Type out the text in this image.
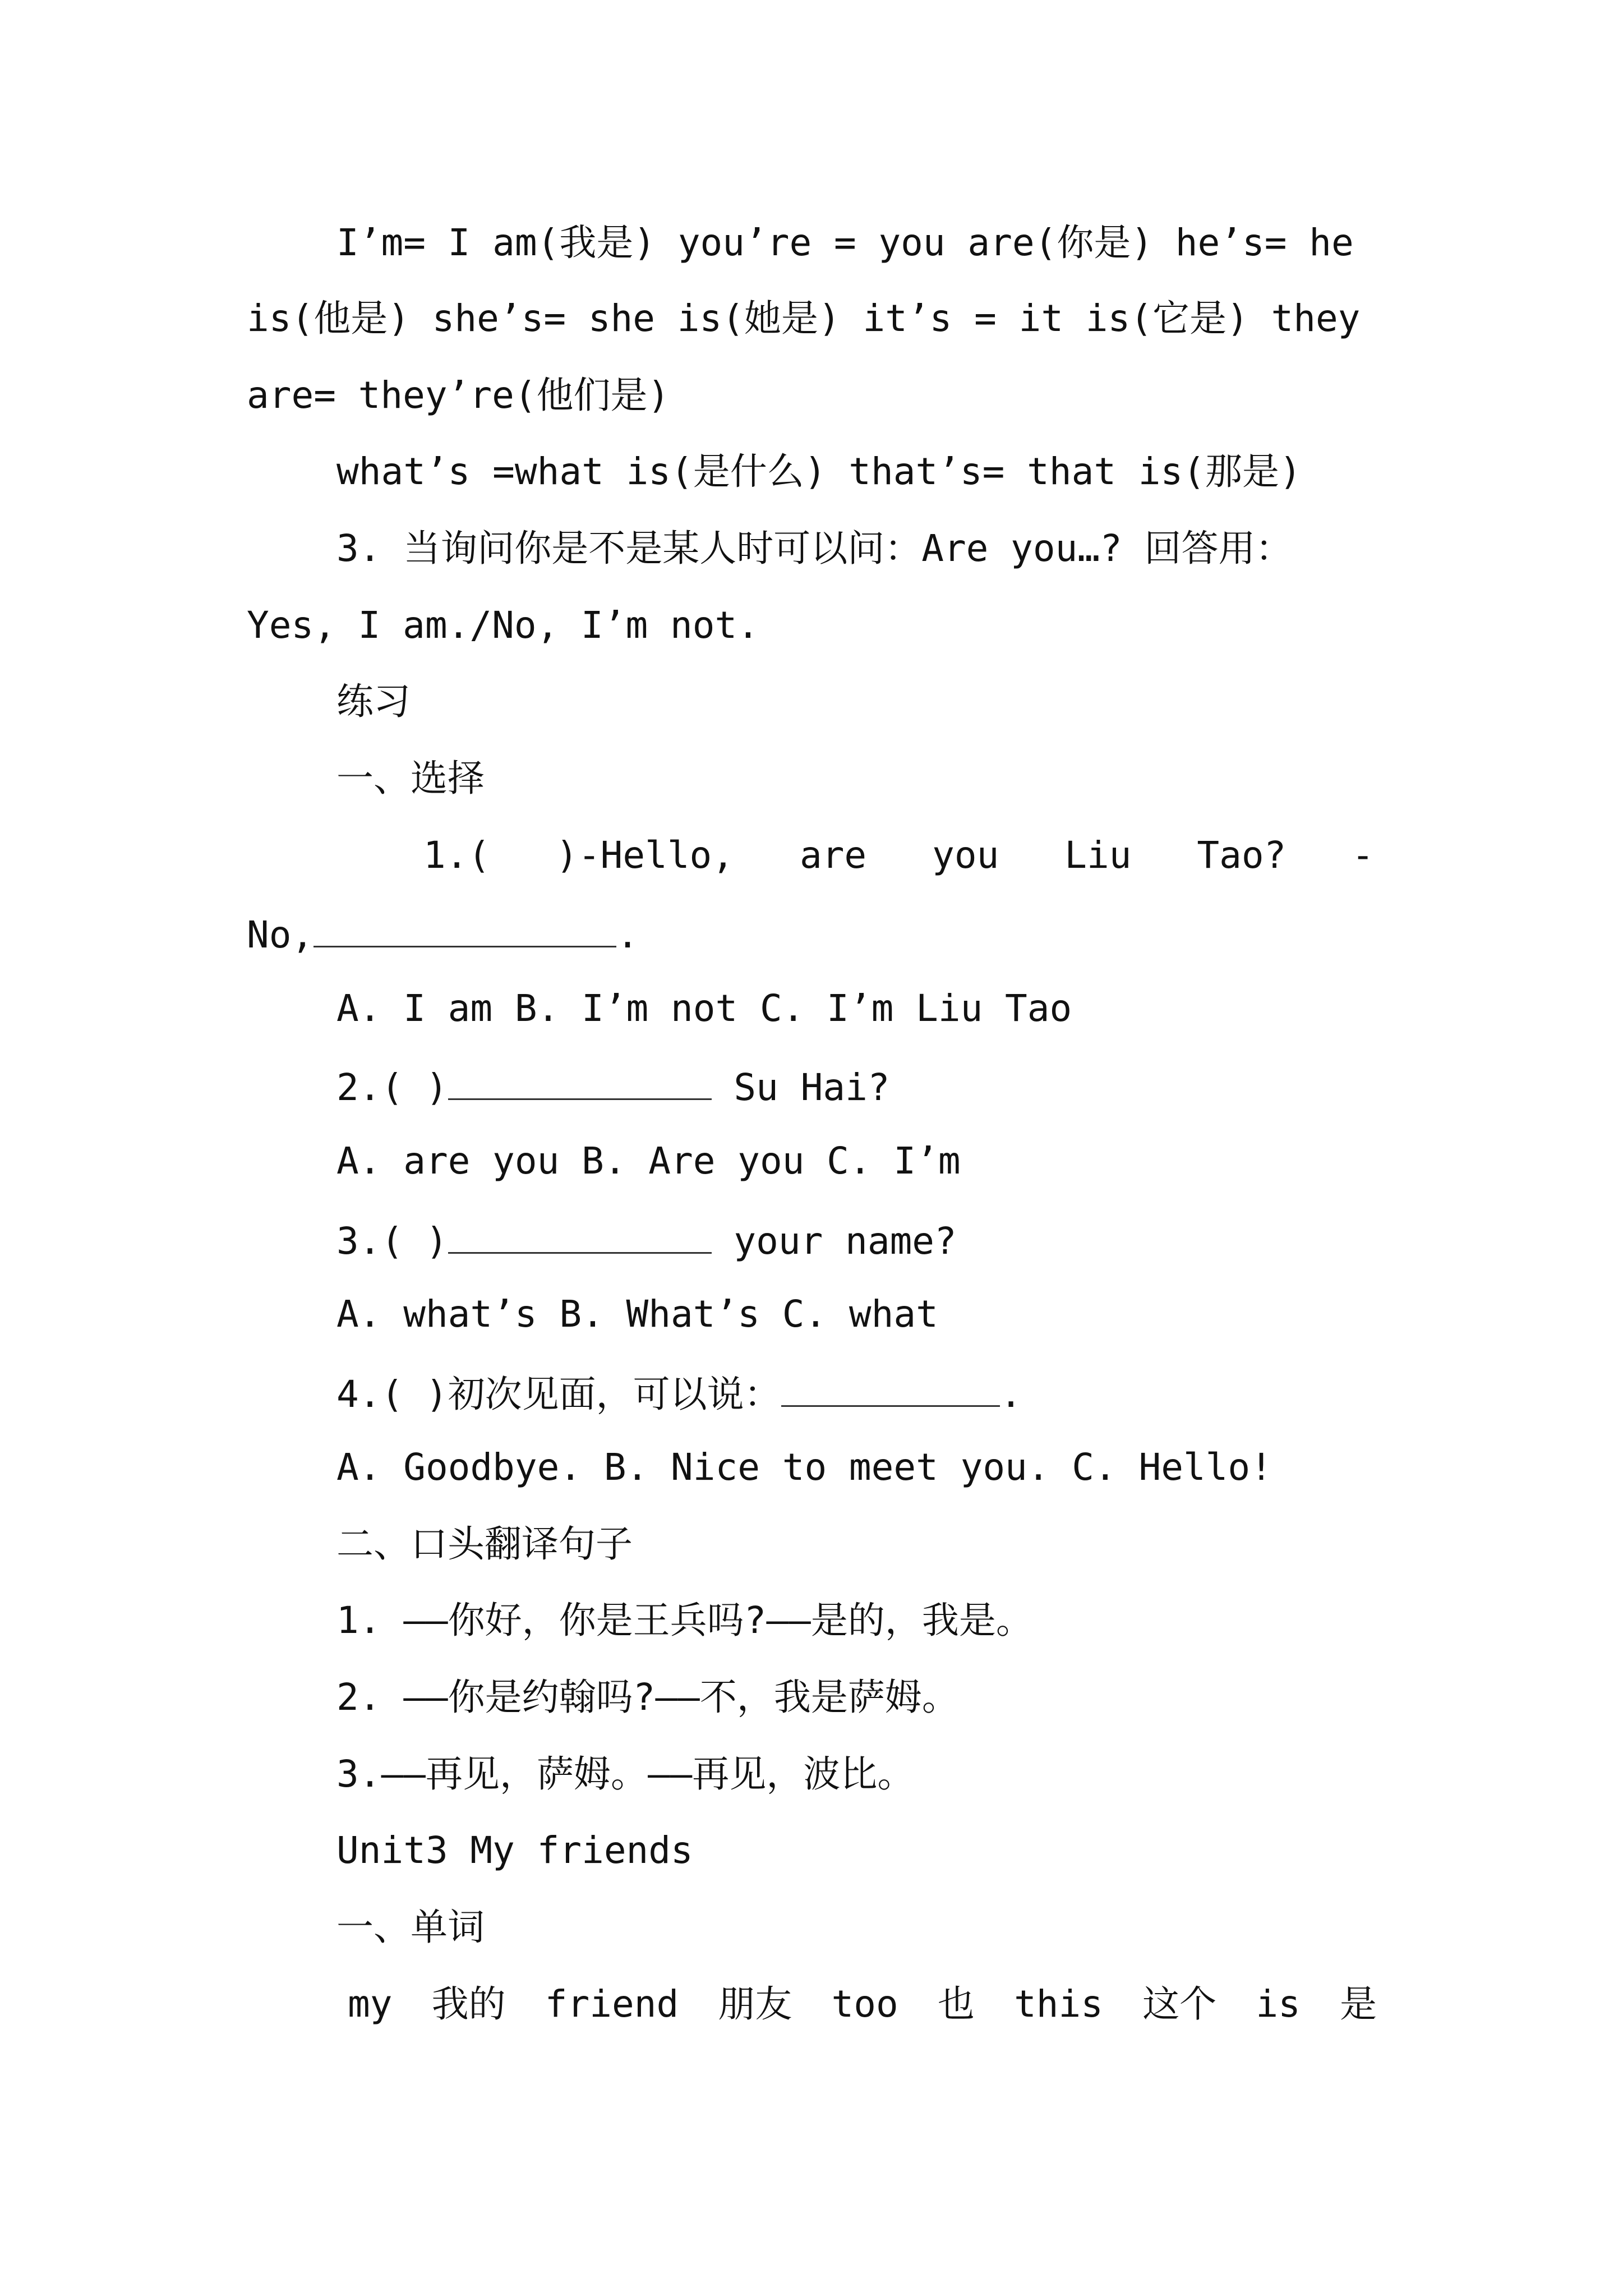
I’m= I am(我是) you’re = you are(你是) he’s= he
is(他是) she’s= she is(她是) it’s = it is(它是) they
are= they’re(他们是)
what’s =what is(是什么) that’s= that is(那是)
3. 当询问你是不是某人时可以问：Are you…? 回答用：
Yes, I am./No, I’m not.
练习
一、选择
1.( )-Hello, are you Liu Tao? -
No,	.
A. I am B. I’m not C. I’m Liu Tao
2.( )	Su Hai?
A. are you B. Are you C. I’m
3.( )	your name?
A. what’s B. What’s C. what
4.( )初次见面，可以说：	.
A. Goodbye. B. Nice to meet you. C. Hello!
二、口头翻译句子
1. ——你好，你是王兵吗?——是的，我是。
2. ——你是约翰吗?——不，我是萨姆。
3.——再见，萨姆。——再见，波比。
Unit3 My friends
一、单词
my 我的 friend 朋友 too 也 this 这个 is 是
